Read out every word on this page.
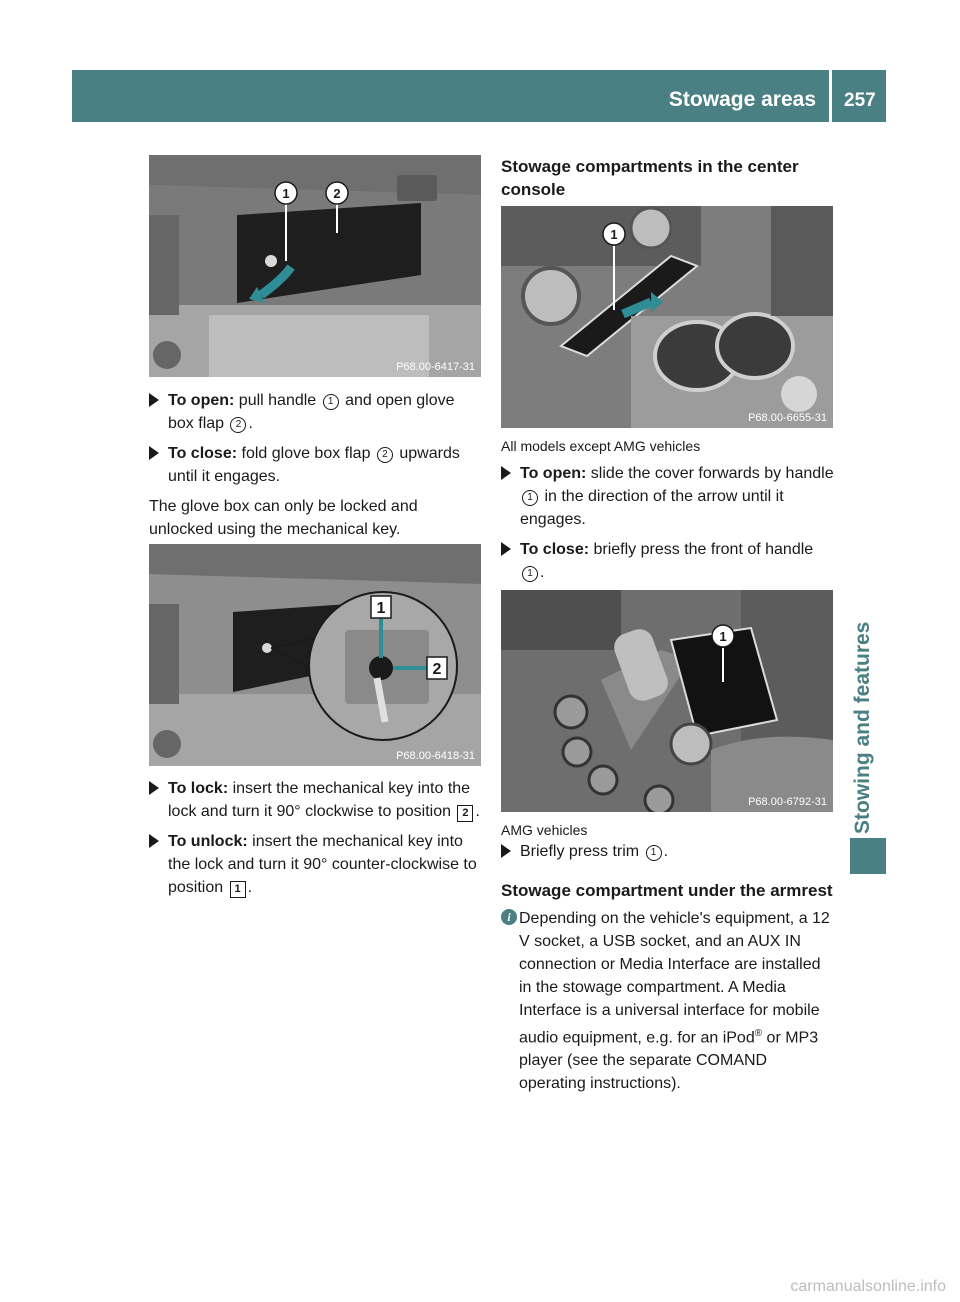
Stowage areas 257
Stowing and features
1	2
P68.00-6417-31

To open: pull handle 1 and open glove box flap 2 .

To close: fold glove box flap 2 upwards until it engages.

The glove box can only be locked and unlocked using the mechanical key.

1
2
P68.00-6418-31

To lock: insert the mechanical key into the lock and turn it 90° clockwise to position 2 .

To unlock: insert the mechanical key into the lock and turn it 90° counter-clockwise to position 1 .

Stowage compartments in the center console
1
P68.00-6655-31
All models except AMG vehicles

To open: slide the cover forwards by handle 1 in the direction of the arrow until it engages.

To close: briefly press the front of handle 1 .

1
P68.00-6792-31
AMG vehicles

Briefly press trim 1 .

Stowage compartment under the armrest
i Depending on the vehicle's equipment, a 12 V socket, a USB socket, and an AUX IN connection or Media Interface are installed in the stowage compartment. A Media Interface is a universal interface for mobile audio equipment, e.g. for an iPod® or MP3 player (see the separate COMAND operating instructions).
carmanualsonline.info
